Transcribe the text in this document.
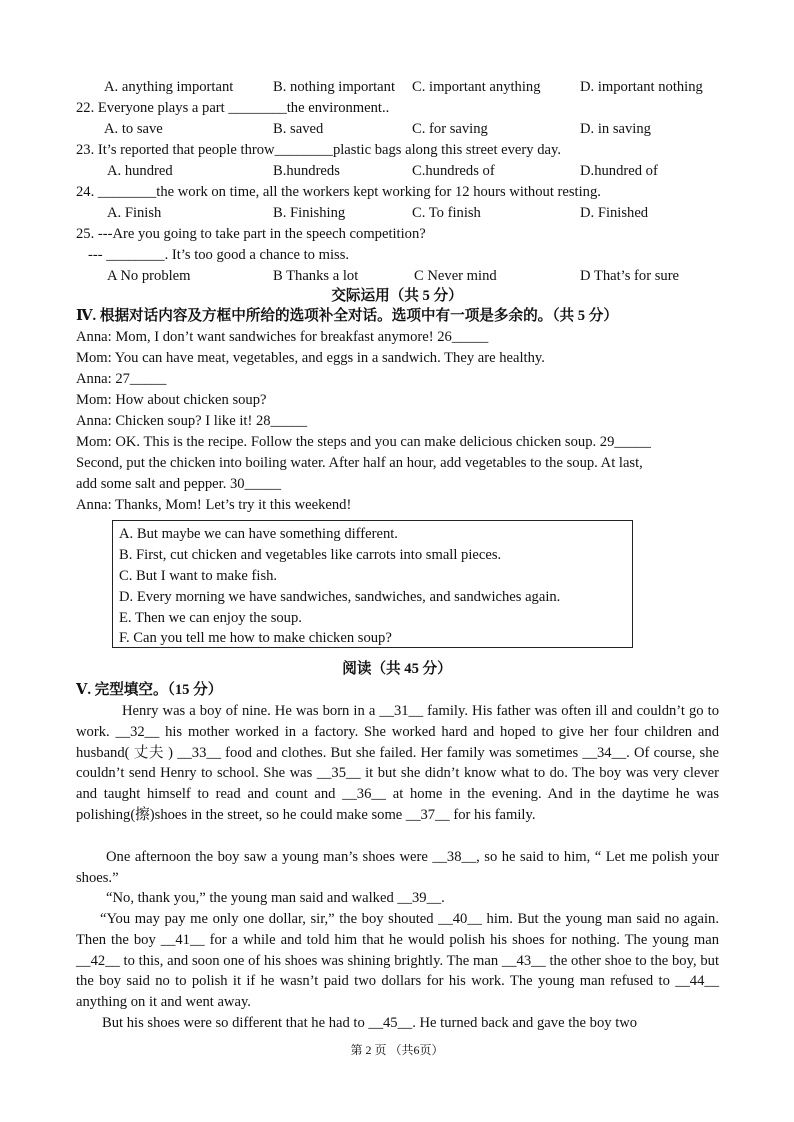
A. anything important	B. nothing important C. important anything	D. important nothing
22. Everyone plays a part ________the environment..
A. to save	B. saved	C. for saving	D. in saving
23. It’s reported that people throw________plastic bags along this street every day.
A. hundred	B.hundreds	C.hundreds of	D.hundred of
24. ________the work on time, all the workers kept working for 12 hours without resting.
A. Finish	B. Finishing	C. To finish	D. Finished
25. ---Are you going to take part in the speech competition?
--- ________. It’s too good a chance to miss.
A No problem	B Thanks a lot	C Never mind	D That’s for sure
交际运用（共 5 分）
Ⅳ. 根据对话内容及方框中所给的选项补全对话。选项中有一项是多余的。（共 5 分）
Anna: Mom, I don’t want sandwiches for breakfast anymore! 26_____
Mom: You can have meat, vegetables, and eggs in a sandwich. They are healthy.
Anna: 27_____
Mom: How about chicken soup?
Anna: Chicken soup? I like it! 28_____
Mom: OK. This is the recipe. Follow the steps and you can make delicious chicken soup. 29_____
Second, put the chicken into boiling water. After half an hour, add vegetables to the soup. At last,
add some salt and pepper. 30_____
Anna: Thanks, Mom! Let’s try it this weekend!
A. But maybe we can have something different.
B. First, cut chicken and vegetables like carrots into small pieces.
C. But I want to make fish.
D. Every morning we have sandwiches, sandwiches, and sandwiches again.
E. Then we can enjoy the soup.
F. Can you tell me how to make chicken soup?
阅读（共 45 分）
Ⅴ. 完型填空。（15 分）
Henry was a boy of nine. He was born in a __31__ family. His father was often ill and couldn’t go to work. __32__ his mother worked in a factory. She worked hard and hoped to give her four children and husband( 丈夫 ) __33__ food and clothes. But she failed. Her family was sometimes __34__. Of course, she couldn’t send Henry to school. She was __35__ it but she didn’t know what to do. The boy was very clever and taught himself to read and count and __36__ at home in the evening. And in the daytime he was polishing(擦)shoes in the street, so he could make some __37__ for his family.
One afternoon the boy saw a young man’s shoes were __38__, so he said to him, “ Let me polish your shoes.”
“No, thank you,” the young man said and walked __39__.
“You may pay me only one dollar, sir,” the boy shouted __40__ him. But the young man said no again. Then the boy __41__ for a while and told him that he would polish his shoes for nothing. The young man __42__ to this, and soon one of his shoes was shining brightly. The man __43__ the other shoe to the boy, but the boy said no to polish it if he wasn’t paid two dollars for his work. The young man refused to __44__ anything on it and went away.
But his shoes were so different that he had to __45__. He turned back and gave the boy two
第 2 页 （共6页）
